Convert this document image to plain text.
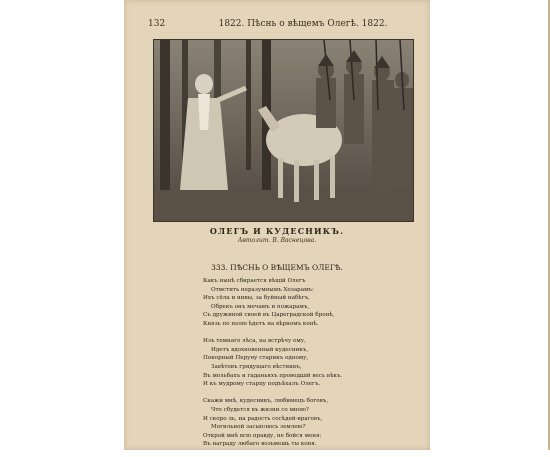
132	1822. Пѣснь о вѣщемъ Олегѣ. 1822.
ОЛЕГЪ И КУДЕСНИКЪ.
Автолит. В. Васнецова.
333. ПѢСНЬ О ВѢЩЕМЪ ОЛЕГѢ.
Какъ нынѣ сбирается вѣщій Олегъ
Отмстить неразумнымъ Хозарамъ:
Ихъ сёла и нивы, за буйный набѣгъ,
Обрекъ онъ мечамъ и пожарамъ,
Съ дружиной своей въ Цареградской бронѣ,
Князь по полю ѣдетъ на вѣрномъ конѣ.
Изъ темнаго лѣса, на встрѣчу ему,
Идетъ вдохновенный кудесникъ,
Покорный Перуну старикъ одному,
Завѣтовъ грядущаго вѣстникъ,
Въ мольбахъ и гаданьяхъ проведшій весь вѣкъ.
И къ мудрому старцу подъѣхалъ Олегъ.
Скажи мнѣ, кудесникъ, любимецъ боговъ,
Что сбудется въ жизни со мною?
И скоро ль, на радость сосѣдей-враговъ,
Могильной засыплюсь землею?
Открой мнѣ всю правду, не бойся меня:
Въ награду любаго возьмешь ты коня.
